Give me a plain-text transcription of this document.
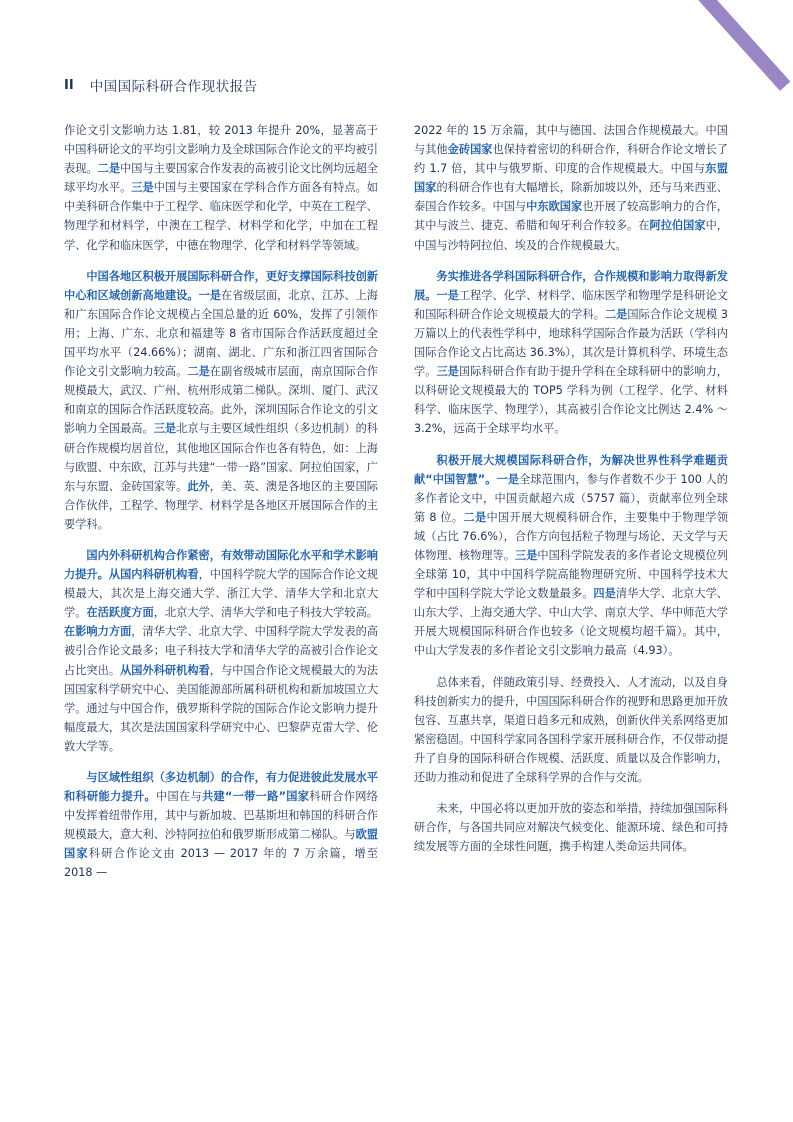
II 中国国际科研合作现状报告

作论文引文影响力达 1.81，较 2013 年提升 20%，显著高于中国科研论文的平均引文影响力及全球国际合作论文的平均被引表现。二是中国与主要国家合作发表的高被引论文比例均远超全球平均水平。三是中国与主要国家在学科合作方面各有特点。如中美科研合作集中于工程学、临床医学和化学，中英在工程学、物理学和材料学，中澳在工程学、材料学和化学，中加在工程学、化学和临床医学，中德在物理学、化学和材料学等领域。

中国各地区积极开展国际科研合作，更好支撑国际科技创新中心和区域创新高地建设。一是在省级层面，北京、江苏、上海和广东国际合作论文规模占全国总量的近 60%，发挥了引领作用；上海、广东、北京和福建等 8 省市国际合作活跃度超过全国平均水平（24.66%）；湖南、湖北、广东和浙江四省国际合作论文引文影响力较高。二是在副省级城市层面，南京国际合作规模最大，武汉、广州、杭州形成第二梯队。深圳、厦门、武汉和南京的国际合作活跃度较高。此外，深圳国际合作论文的引文影响力全国最高。三是北京与主要区域性组织（多边机制）的科研合作规模均居首位，其他地区国际合作也各有特色，如：上海与欧盟、中东欧，江苏与共建“一带一路”国家、阿拉伯国家，广东与东盟、金砖国家等。此外，美、英、澳是各地区的主要国际合作伙伴，工程学、物理学、材料学是各地区开展国际合作的主要学科。

国内外科研机构合作紧密，有效带动国际化水平和学术影响力提升。从国内科研机构看，中国科学院大学的国际合作论文规模最大，其次是上海交通大学、浙江大学、清华大学和北京大学。在活跃度方面，北京大学、清华大学和电子科技大学较高。在影响力方面，清华大学、北京大学、中国科学院大学发表的高被引合作论文最多；电子科技大学和清华大学的高被引合作论文占比突出。从国外科研机构看，与中国合作论文规模最大的为法国国家科学研究中心、美国能源部所属科研机构和新加坡国立大学。通过与中国合作，俄罗斯科学院的国际合作论文影响力提升幅度最大，其次是法国国家科学研究中心、巴黎萨克雷大学、伦敦大学等。

与区域性组织（多边机制）的合作，有力促进彼此发展水平和科研能力提升。中国在与共建“一带一路”国家科研合作网络中发挥着纽带作用，其中与新加坡、巴基斯坦和韩国的科研合作规模最大，意大利、沙特阿拉伯和俄罗斯形成第二梯队。与欧盟国家科研合作论文由 2013 — 2017 年的 7 万余篇，增至 2018 —

2022 年的 15 万余篇，其中与德国、法国合作规模最大。中国与其他金砖国家也保持着密切的科研合作，科研合作论文增长了约 1.7 倍，其中与俄罗斯、印度的合作规模最大。中国与东盟国家的科研合作也有大幅增长，除新加坡以外，还与马来西亚、泰国合作较多。中国与中东欧国家也开展了较高影响力的合作，其中与波兰、捷克、希腊和匈牙利合作较多。在阿拉伯国家中，中国与沙特阿拉伯、埃及的合作规模最大。

务实推进各学科国际科研合作，合作规模和影响力取得新发展。一是工程学、化学、材料学、临床医学和物理学是科研论文和国际科研合作论文规模最大的学科。二是国际合作论文规模 3 万篇以上的代表性学科中，地球科学国际合作最为活跃（学科内国际合作论文占比高达 36.3%），其次是计算机科学、环境生态学。三是国际科研合作有助于提升学科在全球科研中的影响力，以科研论文规模最大的 TOP5 学科为例（工程学、化学、材料科学、临床医学、物理学），其高被引合作论文比例达 2.4% ～ 3.2%，远高于全球平均水平。

积极开展大规模国际科研合作，为解决世界性科学难题贡献“中国智慧”。一是全球范围内，参与作者数不少于 100 人的多作者论文中，中国贡献超六成（5757 篇），贡献率位列全球第 8 位。二是中国开展大规模科研合作，主要集中于物理学领域（占比 76.6%），合作方向包括粒子物理与场论、天文学与天体物理、核物理等。三是中国科学院发表的多作者论文规模位列全球第 10，其中中国科学院高能物理研究所、中国科学技术大学和中国科学院大学论文数量最多。四是清华大学、北京大学、山东大学、上海交通大学、中山大学、南京大学、华中师范大学开展大规模国际科研合作也较多（论文规模均超千篇）。其中，中山大学发表的多作者论文引文影响力最高（4.93）。

总体来看，伴随政策引导、经费投入、人才流动，以及自身科技创新实力的提升，中国国际科研合作的视野和思路更加开放包容、互惠共享，渠道日趋多元和成熟，创新伙伴关系网络更加紧密稳固。中国科学家同各国科学家开展科研合作，不仅带动提升了自身的国际科研合作规模、活跃度、质量以及合作影响力，还助力推动和促进了全球科学界的合作与交流。

未来，中国必将以更加开放的姿态和举措，持续加强国际科研合作，与各国共同应对解决气候变化、能源环境、绿色和可持续发展等方面的全球性问题，携手构建人类命运共同体。
